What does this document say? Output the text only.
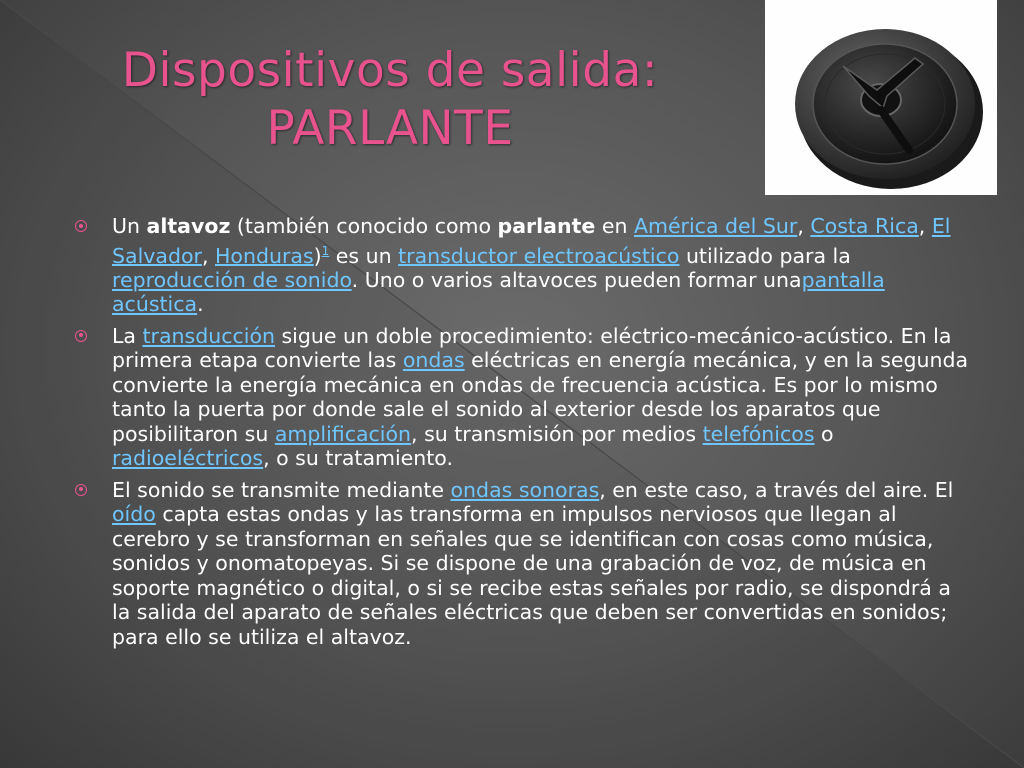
Dispositivos de salida:
PARLANTE
Un altavoz (también conocido como parlante en América del Sur, Costa Rica, El Salvador, Honduras)$^1$ es un transductor electroacústico utilizado para la reproducción de sonido. Uno o varios altavoces pueden formar unapantalla acústica.
La transducción sigue un doble procedimiento: eléctrico-mecánico-acústico. En la primera etapa convierte las ondas eléctricas en energía mecánica, y en la segunda convierte la energía mecánica en ondas de frecuencia acústica. Es por lo mismo tanto la puerta por donde sale el sonido al exterior desde los aparatos que posibilitaron su amplificación, su transmisión por medios telefónicos o radioeléctricos, o su tratamiento.
El sonido se transmite mediante ondas sonoras, en este caso, a través del aire. El oído capta estas ondas y las transforma en impulsos nerviosos que llegan al cerebro y se transforman en señales que se identifican con cosas como música, sonidos y onomatopeyas. Si se dispone de una grabación de voz, de música en soporte magnético o digital, o si se recibe estas señales por radio, se dispondrá a la salida del aparato de señales eléctricas que deben ser convertidas en sonidos; para ello se utiliza el altavoz.
